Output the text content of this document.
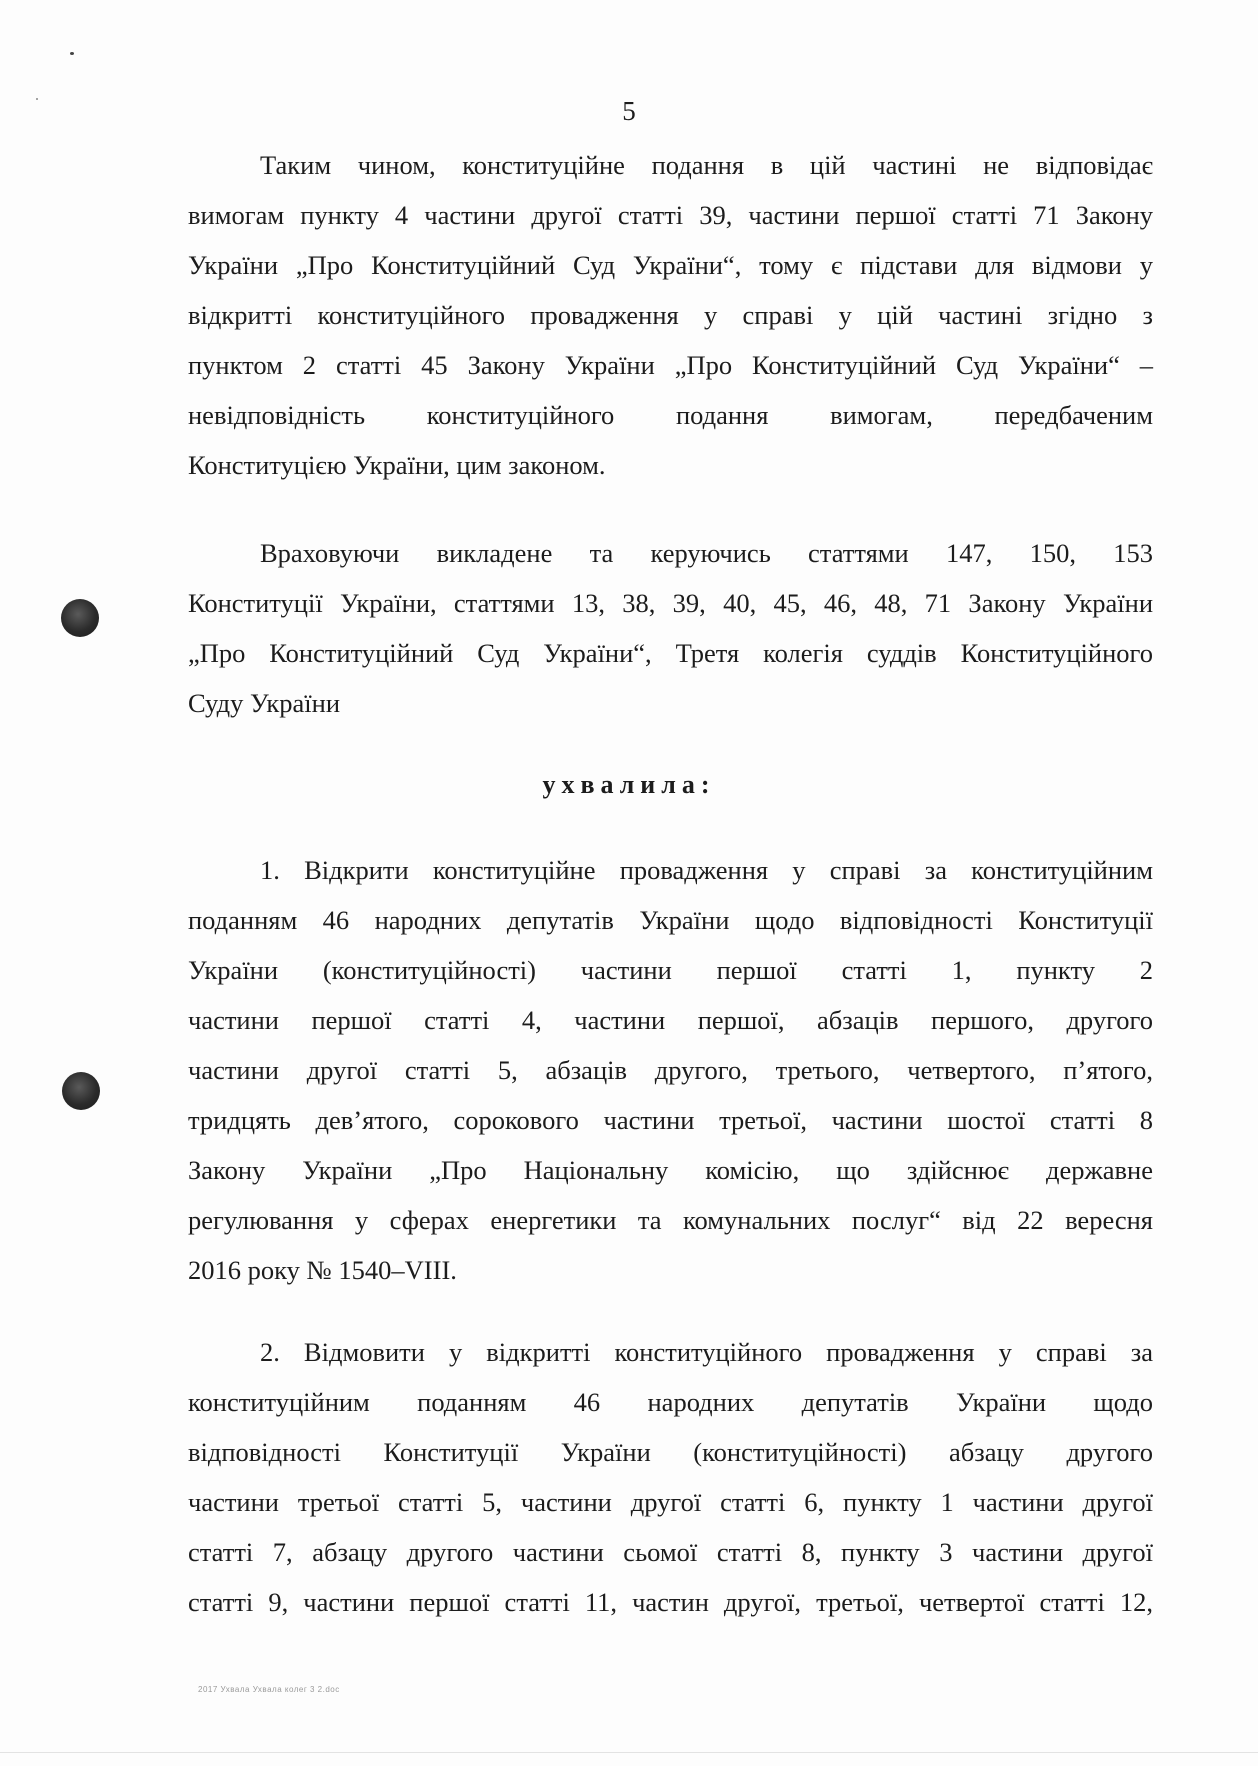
5
Таким чином, конституційне подання в цій частині не відповідає
вимогам пункту 4 частини другої статті 39, частини першої статті 71 Закону
України „Про Конституційний Суд України“, тому є підстави для відмови у
відкритті конституційного провадження у справі у цій частині згідно з
пунктом 2 статті 45 Закону України „Про Конституційний Суд України“ –
невідповідність конституційного подання вимогам, передбаченим
Конституцією України, цим законом.
Враховуючи викладене та керуючись статтями 147, 150, 153
Конституції України, статтями 13, 38, 39, 40, 45, 46, 48, 71 Закону України
„Про Конституційний Суд України“, Третя колегія суддів Конституційного
Суду України
ухвалила:
1. Відкрити конституційне провадження у справі за конституційним
поданням 46 народних депутатів України щодо відповідності Конституції
України (конституційності) частини першої статті 1, пункту 2
частини першої статті 4, частини першої, абзаців першого, другого
частини другої статті 5, абзаців другого, третього, четвертого, п’ятого,
тридцять дев’ятого, сорокового частини третьої, частини шостої статті 8
Закону України „Про Національну комісію, що здійснює державне
регулювання у сферах енергетики та комунальних послуг“ від 22 вересня
2016 року № 1540–VIII.
2. Відмовити у відкритті конституційного провадження у справі за
конституційним поданням 46 народних депутатів України щодо
відповідності Конституції України (конституційності) абзацу другого
частини третьої статті 5, частини другої статті 6, пункту 1 частини другої
статті 7, абзацу другого частини сьомої статті 8, пункту 3 частини другої
статті 9, частини першої статті 11, частин другої, третьої, четвертої статті 12,
2017 Ухвала Ухвала колег 3 2.doc
